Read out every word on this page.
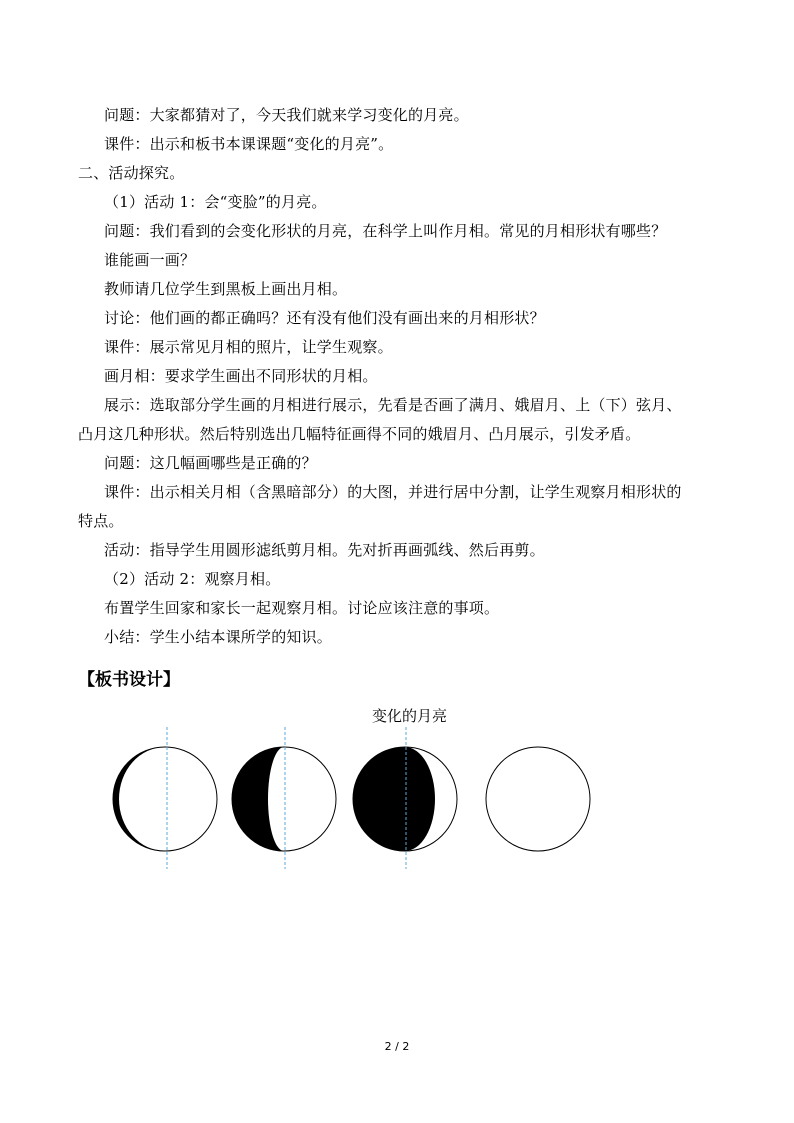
问题：大家都猜对了，今天我们就来学习变化的月亮。
课件：出示和板书本课课题“变化的月亮”。
二、活动探究。
（1）活动 1：会“变脸”的月亮。
问题：我们看到的会变化形状的月亮，在科学上叫作月相。常见的月相形状有哪些？
谁能画一画？
教师请几位学生到黑板上画出月相。
讨论：他们画的都正确吗？还有没有他们没有画出来的月相形状？
课件：展示常见月相的照片，让学生观察。
画月相：要求学生画出不同形状的月相。
展示：选取部分学生画的月相进行展示，先看是否画了满月、娥眉月、上（下）弦月、
凸月这几种形状。然后特别选出几幅特征画得不同的娥眉月、凸月展示，引发矛盾。
问题：这几幅画哪些是正确的？
课件：出示相关月相（含黑暗部分）的大图，并进行居中分割，让学生观察月相形状的
特点。
活动：指导学生用圆形滤纸剪月相。先对折再画弧线、然后再剪。
（2）活动 2：观察月相。
布置学生回家和家长一起观察月相。讨论应该注意的事项。
小结：学生小结本课所学的知识。
【板书设计】
变化的月亮
2 / 2
